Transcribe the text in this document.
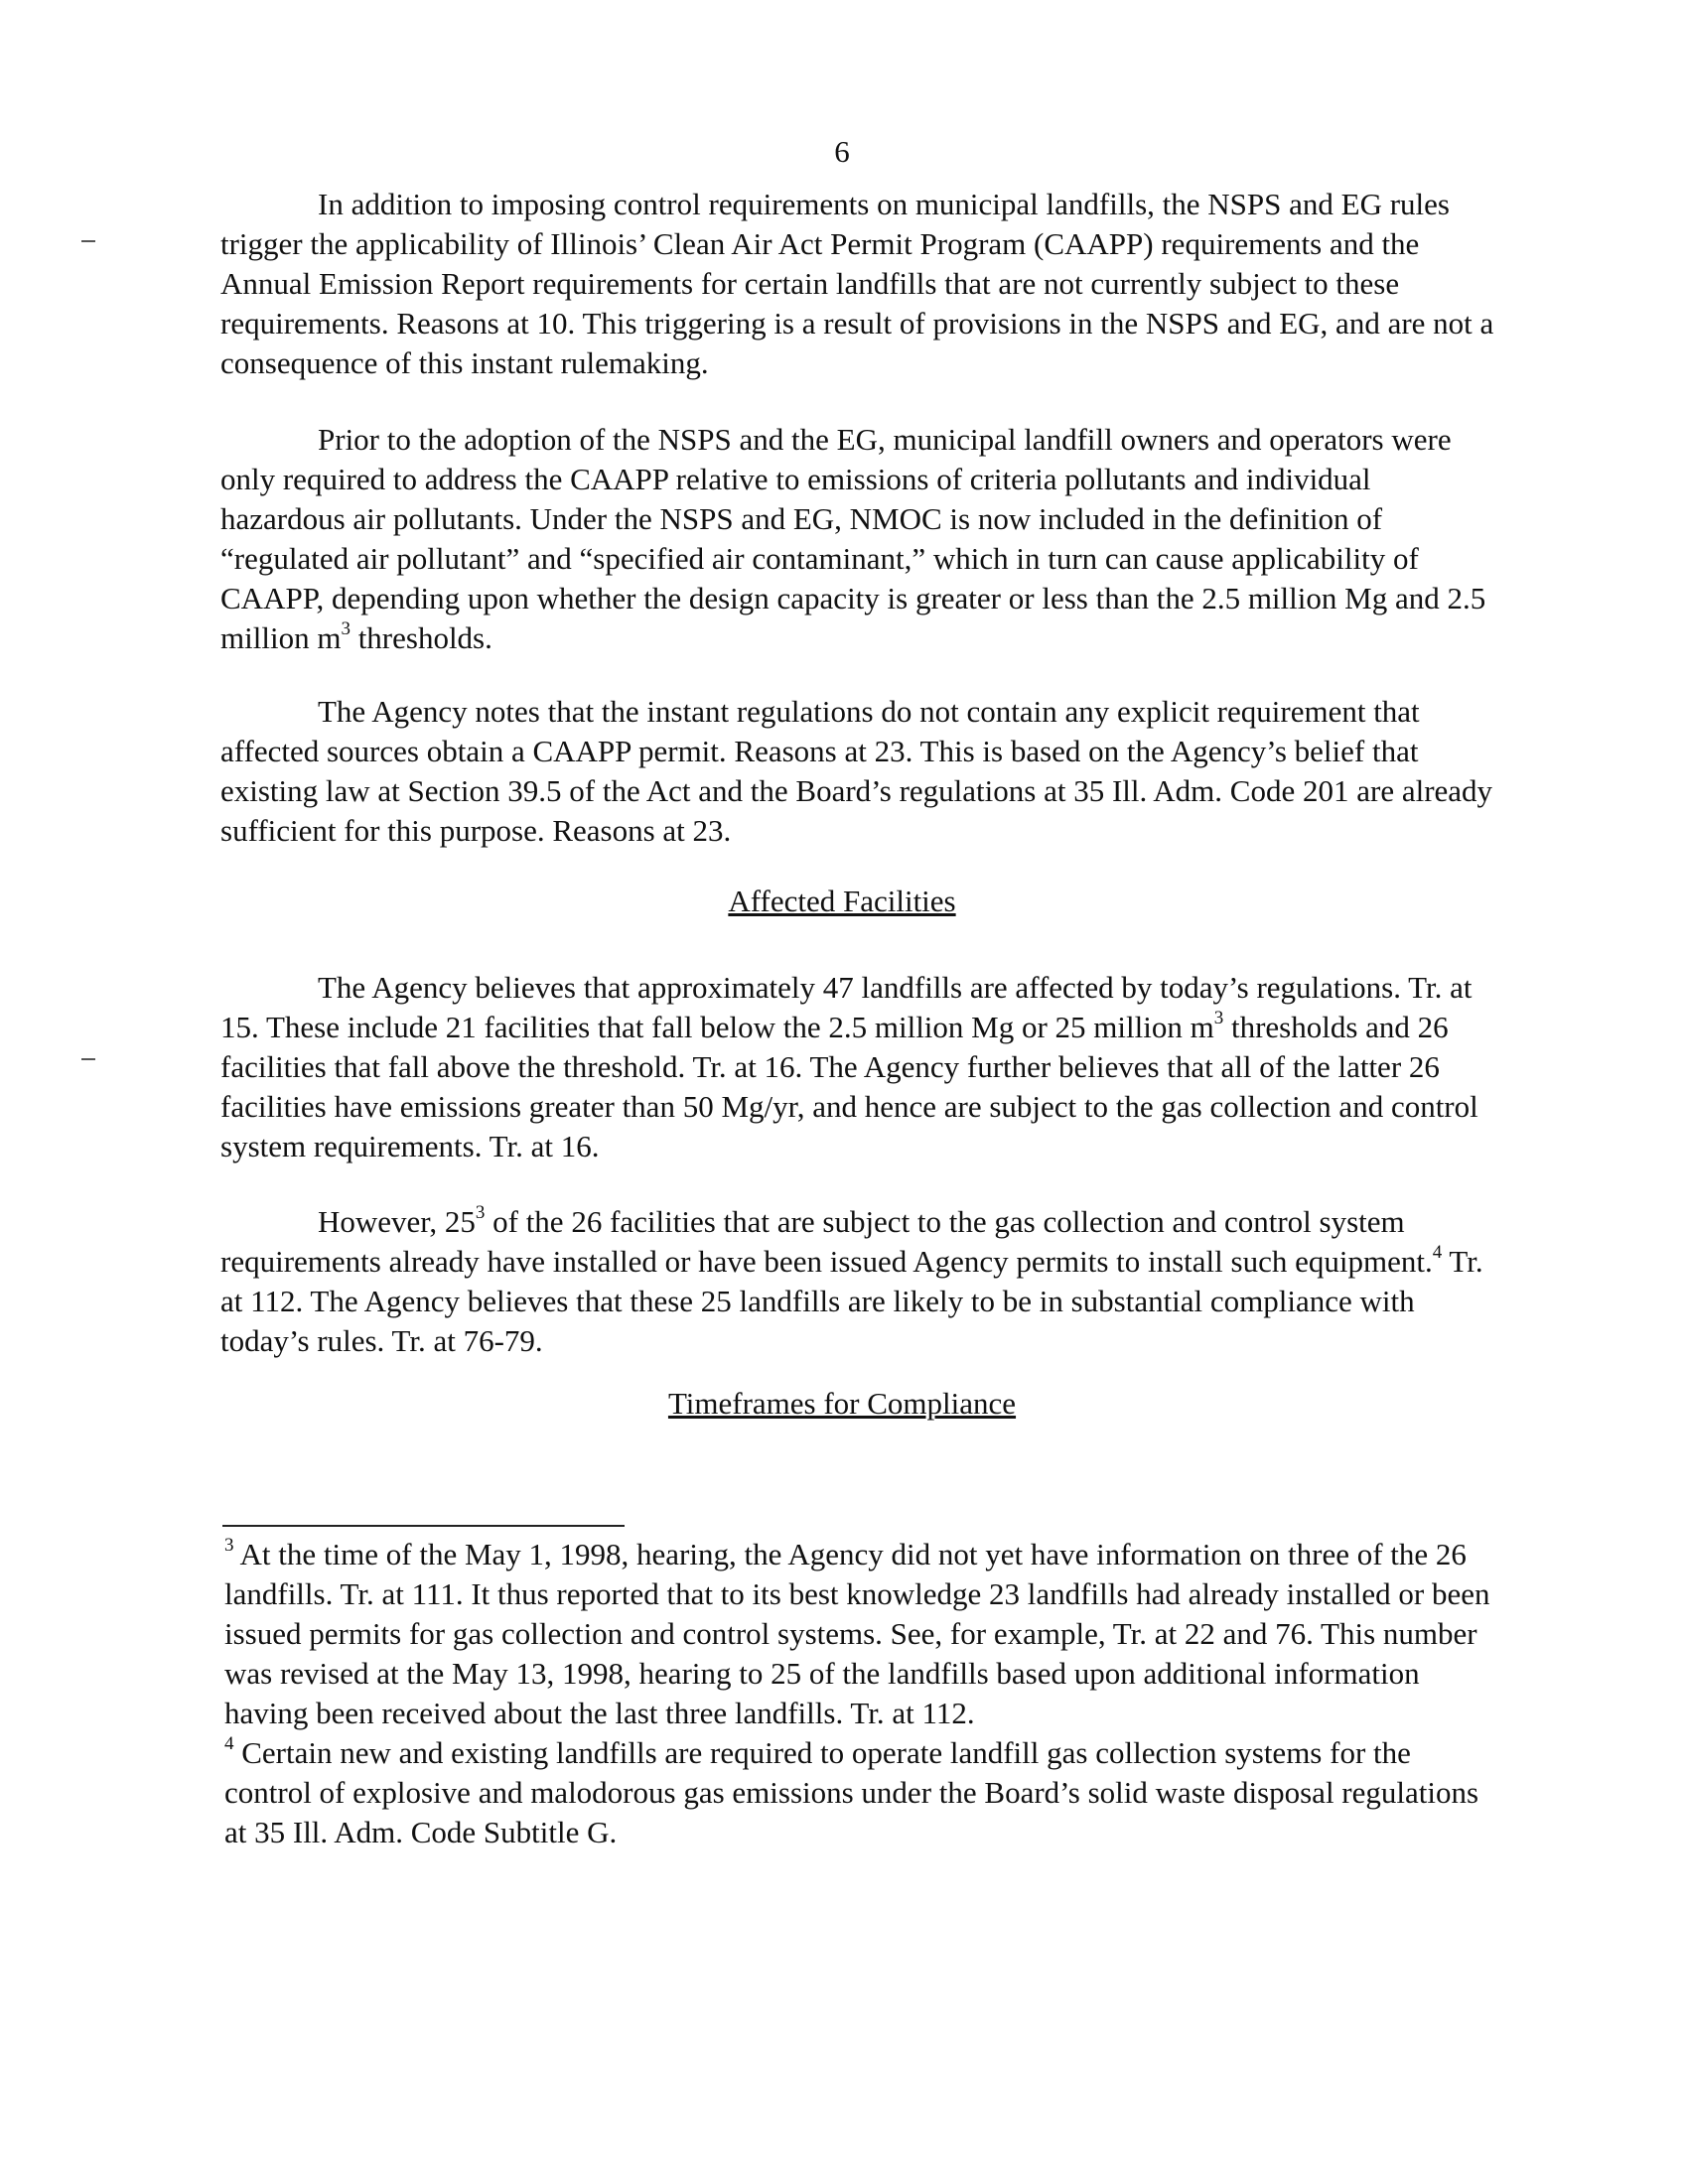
6

In addition to imposing control requirements on municipal landfills, the NSPS and EG rules trigger the applicability of Illinois’ Clean Air Act Permit Program (CAAPP) requirements and the Annual Emission Report requirements for certain landfills that are not currently subject to these requirements. Reasons at 10. This triggering is a result of provisions in the NSPS and EG, and are not a consequence of this instant rulemaking.

Prior to the adoption of the NSPS and the EG, municipal landfill owners and operators were only required to address the CAAPP relative to emissions of criteria pollutants and individual hazardous air pollutants. Under the NSPS and EG, NMOC is now included in the definition of “regulated air pollutant” and “specified air contaminant,” which in turn can cause applicability of CAAPP, depending upon whether the design capacity is greater or less than the 2.5 million Mg and 2.5 million $m^3$ thresholds.

The Agency notes that the instant regulations do not contain any explicit requirement that affected sources obtain a CAAPP permit. Reasons at 23. This is based on the Agency’s belief that existing law at Section 39.5 of the Act and the Board’s regulations at 35 Ill. Adm. Code 201 are already sufficient for this purpose. Reasons at 23.

Affected Facilities

The Agency believes that approximately 47 landfills are affected by today’s regulations. Tr. at 15. These include 21 facilities that fall below the 2.5 million Mg or 25 million $m^3$ thresholds and 26 facilities that fall above the threshold. Tr. at 16. The Agency further believes that all of the latter 26 facilities have emissions greater than 50 Mg/yr, and hence are subject to the gas collection and control system requirements. Tr. at 16.

However, $25^3$ of the 26 facilities that are subject to the gas collection and control system requirements already have installed or have been issued Agency permits to install such equipment.$^4$ Tr. at 112. The Agency believes that these 25 landfills are likely to be in substantial compliance with today’s rules. Tr. at 76-79.

Timeframes for Compliance

$^3$ At the time of the May 1, 1998, hearing, the Agency did not yet have information on three of the 26 landfills. Tr. at 111. It thus reported that to its best knowledge 23 landfills had already installed or been issued permits for gas collection and control systems. See, for example, Tr. at 22 and 76. This number was revised at the May 13, 1998, hearing to 25 of the landfills based upon additional information having been received about the last three landfills. Tr. at 112.

$^4$ Certain new and existing landfills are required to operate landfill gas collection systems for the control of explosive and malodorous gas emissions under the Board’s solid waste disposal regulations at 35 Ill. Adm. Code Subtitle G.
